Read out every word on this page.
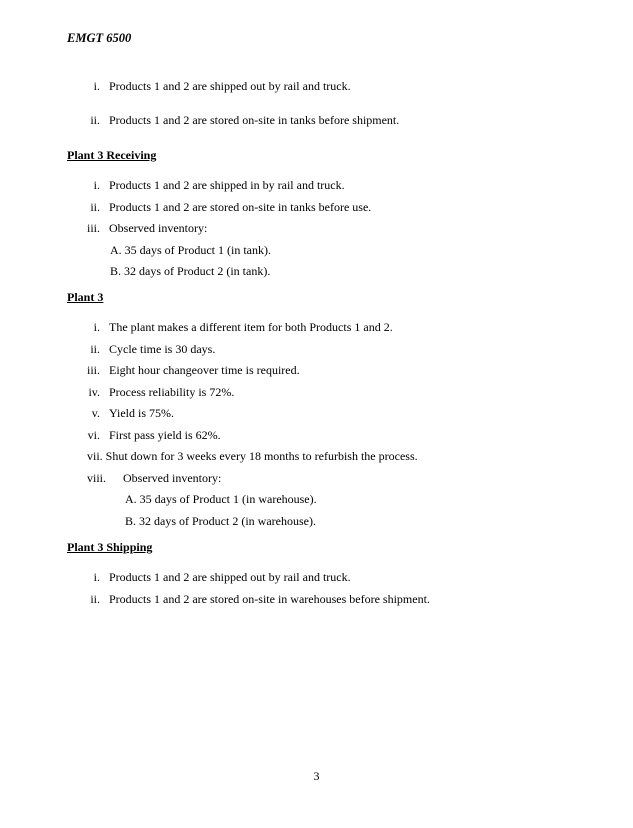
EMGT 6500
i. Products 1 and 2 are shipped out by rail and truck.
ii. Products 1 and 2 are stored on-site in tanks before shipment.
Plant 3 Receiving
i. Products 1 and 2 are shipped in by rail and truck.
ii. Products 1 and 2 are stored on-site in tanks before use.
iii. Observed inventory:
A. 35 days of Product 1 (in tank).
B. 32 days of Product 2 (in tank).
Plant 3
i. The plant makes a different item for both Products 1 and 2.
ii. Cycle time is 30 days.
iii. Eight hour changeover time is required.
iv. Process reliability is 72%.
v. Yield is 75%.
vi. First pass yield is 62%.
vii. Shut down for 3 weeks every 18 months to refurbish the process.
viii. Observed inventory:
A. 35 days of Product 1 (in warehouse).
B. 32 days of Product 2 (in warehouse).
Plant 3 Shipping
i. Products 1 and 2 are shipped out by rail and truck.
ii. Products 1 and 2 are stored on-site in warehouses before shipment.
3
